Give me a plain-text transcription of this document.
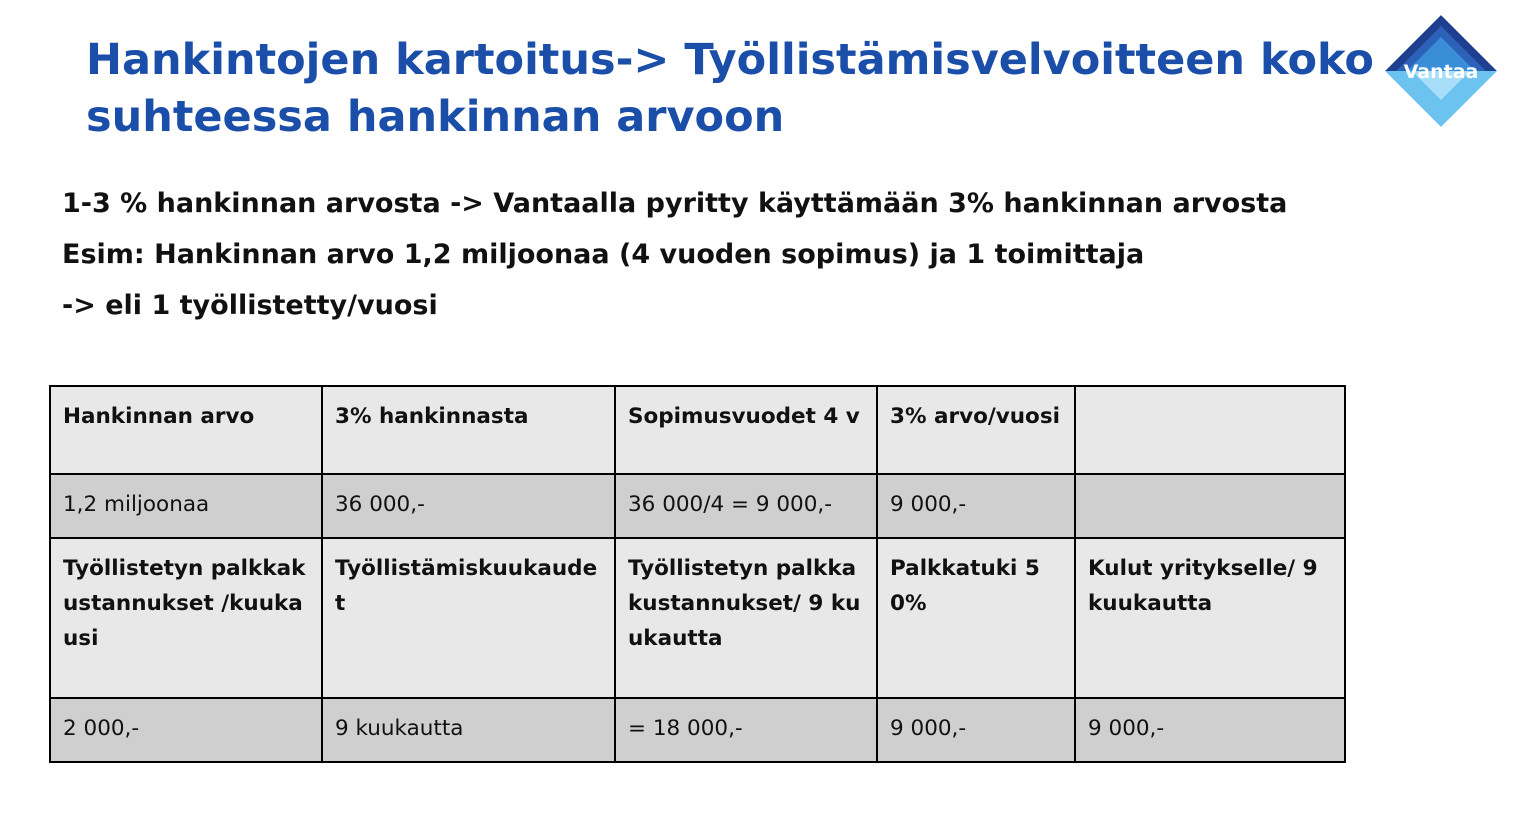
Hankintojen kartoitus-> Työllistämisvelvoitteen koko
suhteessa hankinnan arvoon
Vantaa
1-3 % hankinnan arvosta -> Vantaalla pyritty käyttämään 3% hankinnan arvosta
Esim: Hankinnan arvo 1,2 miljoonaa (4 vuoden sopimus) ja 1 toimittaja
-> eli 1 työllistetty/vuosi
Hankinnan arvo	3% hankinnasta	Sopimusvuodet 4 v	3% arvo/vuosi	
1,2 miljoonaa	36 000,-	36 000/4 = 9 000,-	9 000,-	
Työllistetyn palkkakustannukset /kuukausi	Työllistämiskuukaudet	Työllistetyn palkkakustannukset/ 9 kuukautta	Palkkatuki 50%	Kulut yritykselle/ 9 kuukautta
2 000,-	9 kuukautta	= 18 000,-	9 000,-	9 000,-
